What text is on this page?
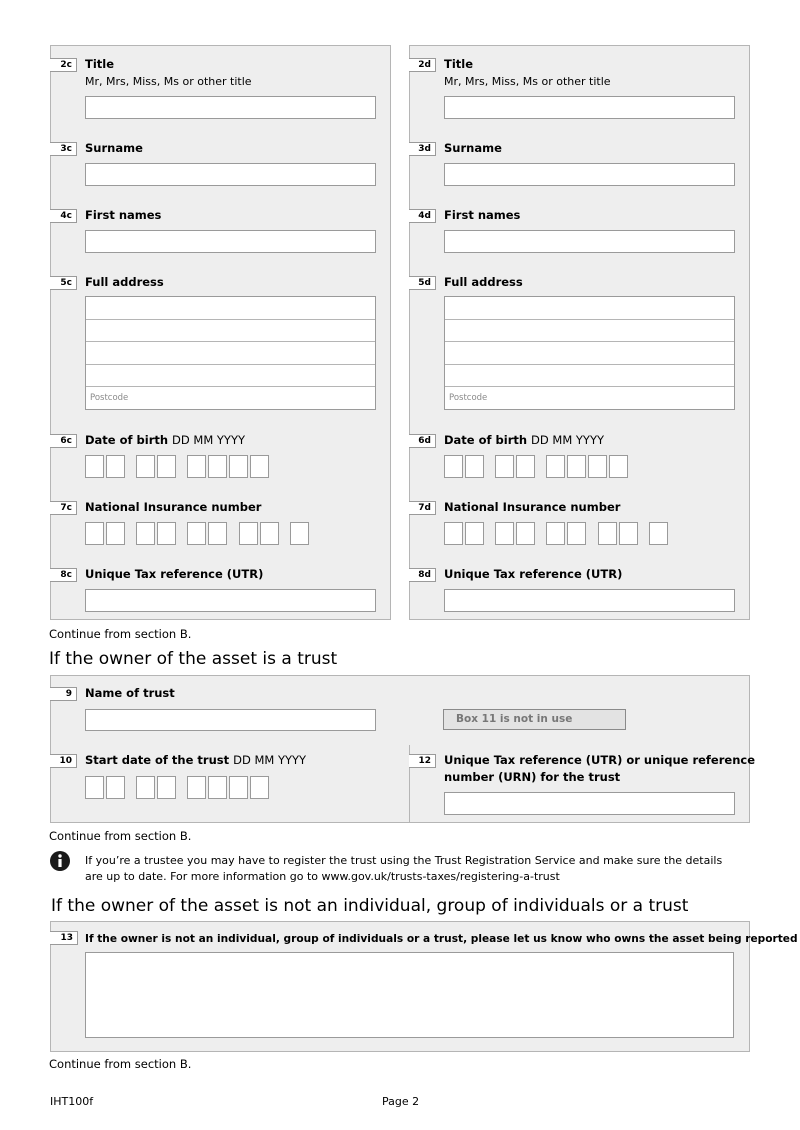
2c	Title
Mr, Mrs, Miss, Ms or other title
3c	Surname
4c	First names
5c	Full address
Postcode
6c	Date of birth DD MM YYYY
7c	National Insurance number
8c	Unique Tax reference (UTR)
2d	Title
Mr, Mrs, Miss, Ms or other title
3d	Surname
4d	First names
5d	Full address
Postcode
6d	Date of birth DD MM YYYY
7d	National Insurance number
8d	Unique Tax reference (UTR)
Continue from section B.
If the owner of the asset is a trust
9	Name of trust
Box 11 is not in use
10	Start date of the trust DD MM YYYY	12	Unique Tax reference (UTR) or unique reference
number (URN) for the trust
Continue from section B.
If you’re a trustee you may have to register the trust using the Trust Registration Service and make sure the details
are up to date. For more information go to www.gov.uk/trusts-taxes/registering-a-trust
If the owner of the asset is not an individual, group of individuals or a trust
13	If the owner is not an individual, group of individuals or a trust, please let us know who owns the asset being reported
Continue from section B.
IHT100f	Page 2
